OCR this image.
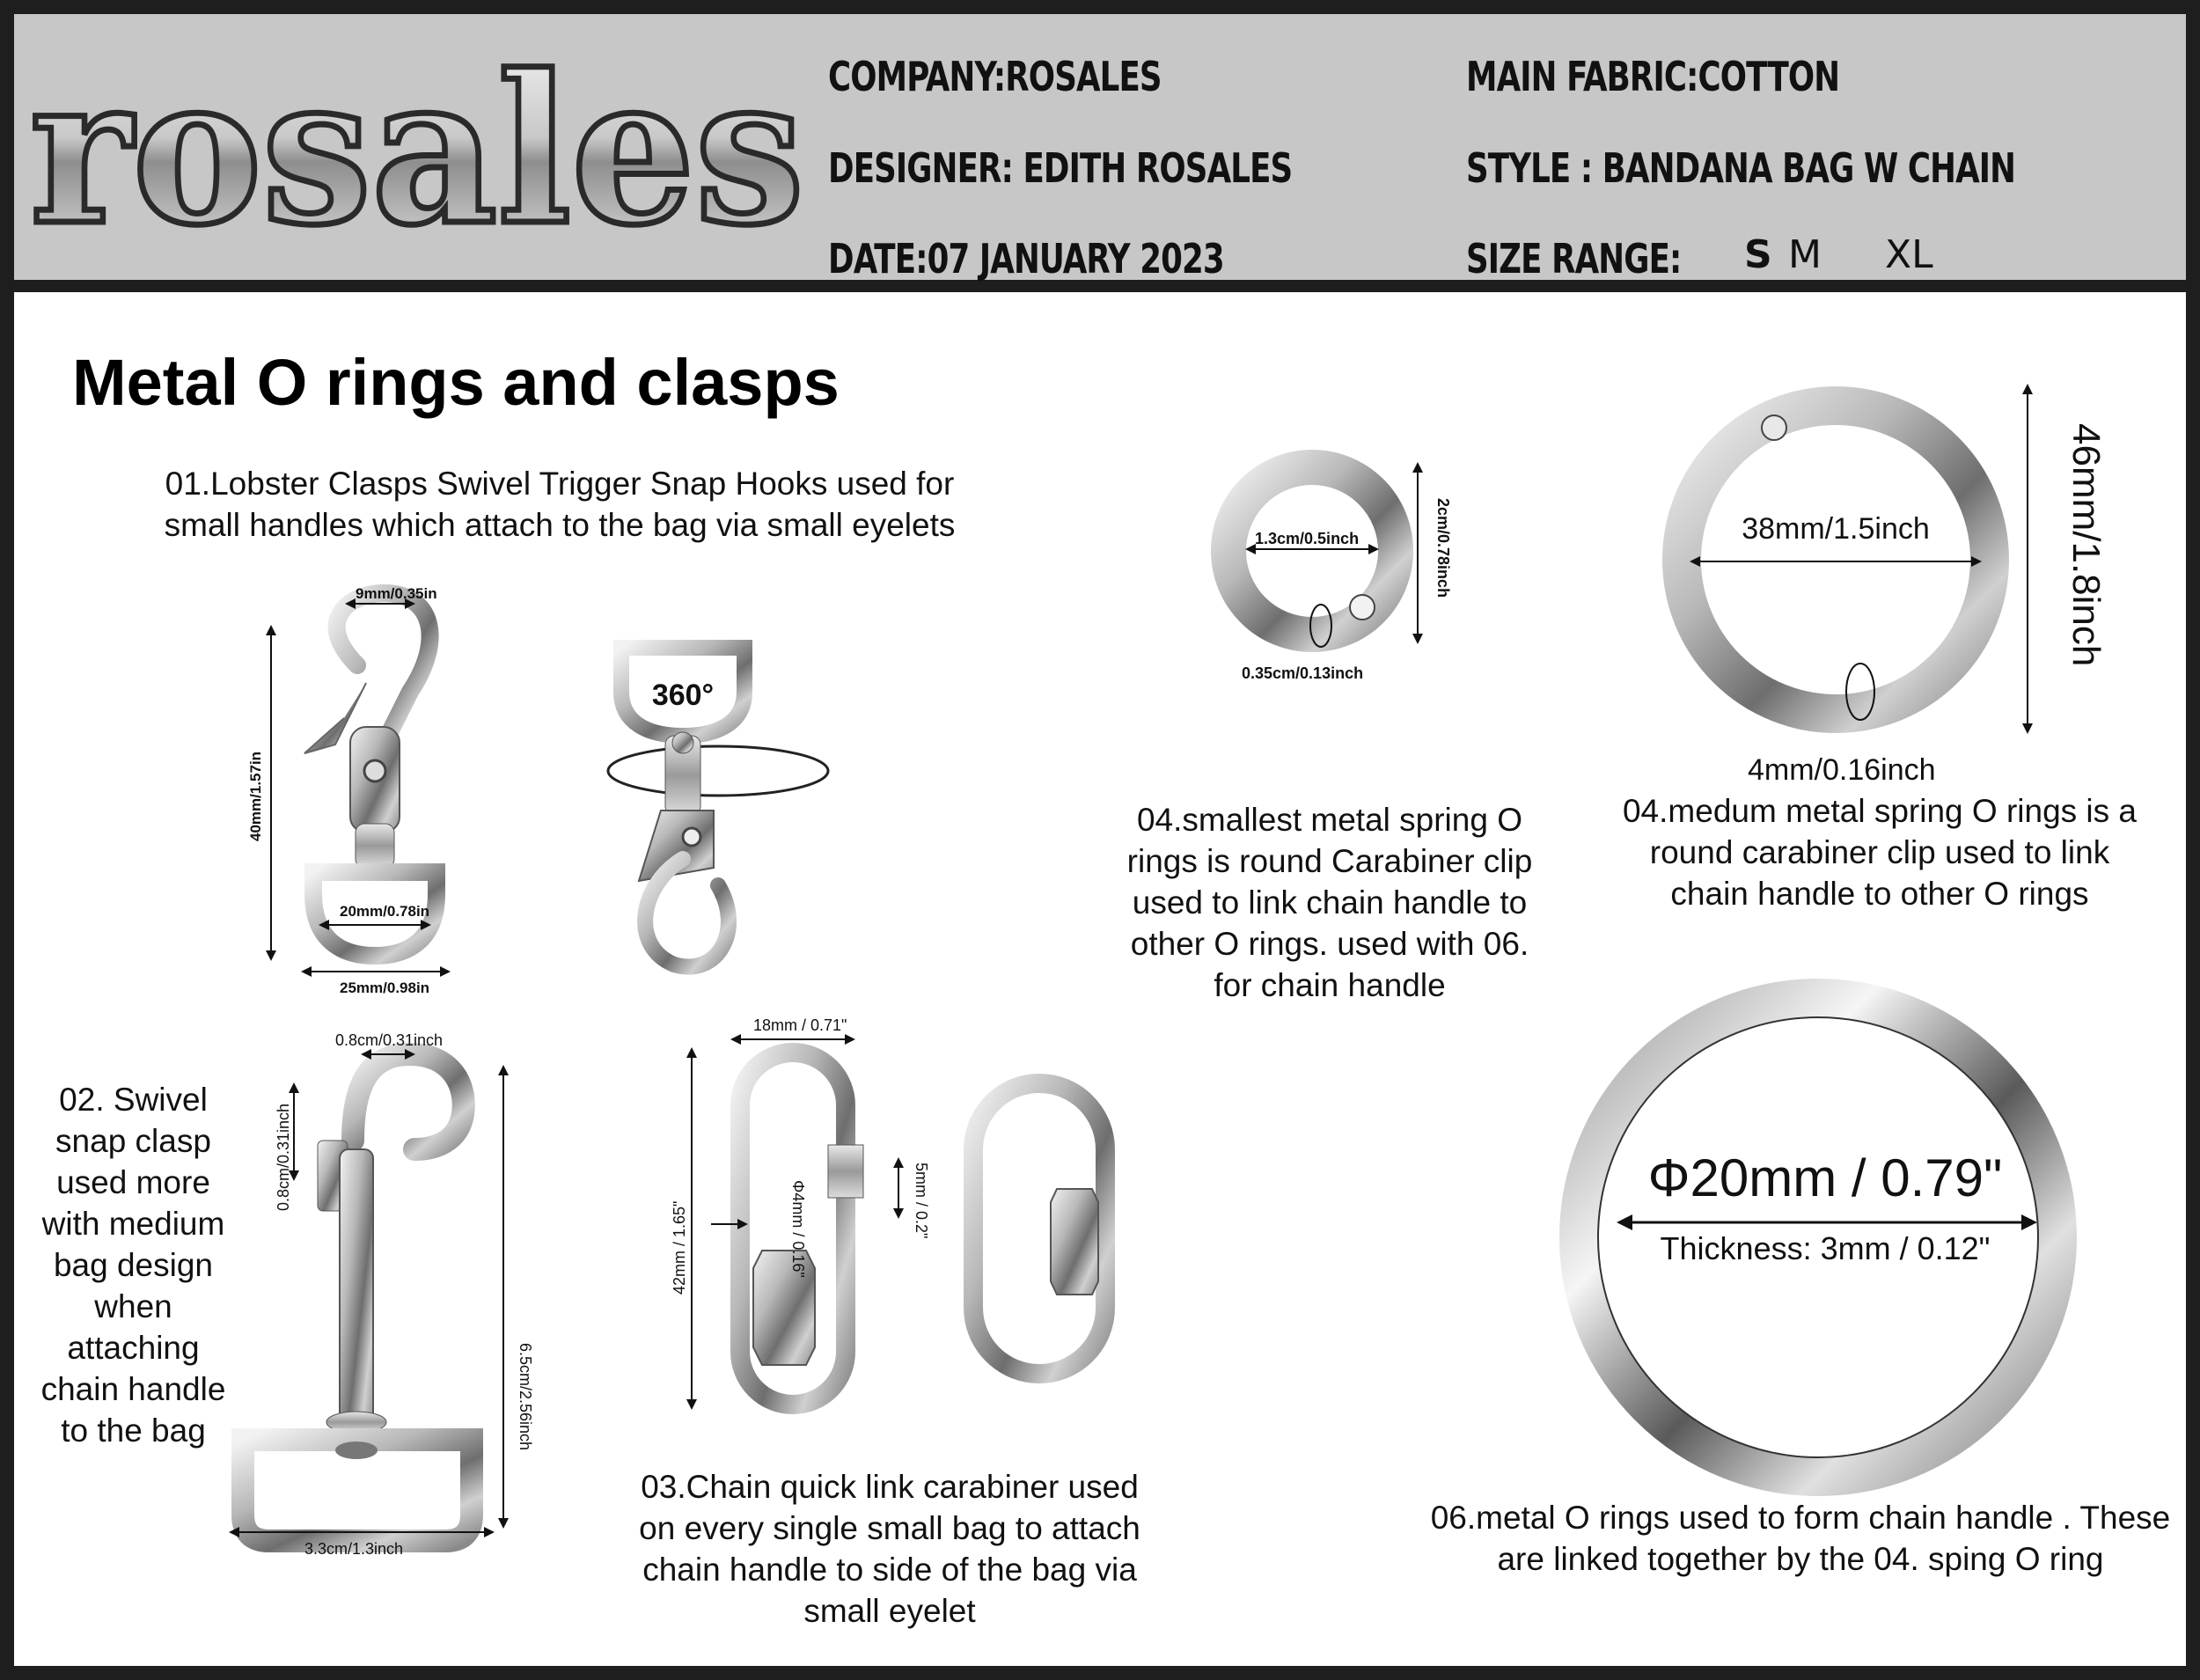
rosales COMPANY:ROSALES
DESIGNER: EDITH ROSALES
DATE:07 JANUARY 2023
MAIN FABRIC:COTTON
STYLE : BANDANA BAG W CHAIN
SIZE RANGE: S M XL
Metal O rings and clasps
01.Lobster Clasps Swivel Trigger Snap Hooks used for small handles which attach to the bag via small eyelets
9mm/0.35in
40mm/1.57in
20mm/0.78in
25mm/0.98in
360°
02. Swivel snap clasp used more with medium bag design when attaching chain handle to the bag
0.8cm/0.31inch
0.8cm/0.31inch
6.5cm/2.56inch
3.3cm/1.3inch
03.Chain quick link carabiner used on every single small bag to attach chain handle to side of the bag via small eyelet
18mm / 0.71"
42mm / 1.65"	Φ4mm / 0.16"	5mm / 0.2"
1.3cm/0.5inch	2cm/0.78inch
0.35cm/0.13inch
04.smallest metal spring O rings is round Carabiner clip used to link chain handle to other O rings. used with 06. for chain handle
38mm/1.5inch	46mm/1.8inch
4mm/0.16inch
04.medum metal spring O rings is a round carabiner clip used to link chain handle to other O rings
Φ20mm / 0.79"
Thickness: 3mm / 0.12"
06.metal O rings used to form chain handle . These are linked together by the 04. sping O ring
